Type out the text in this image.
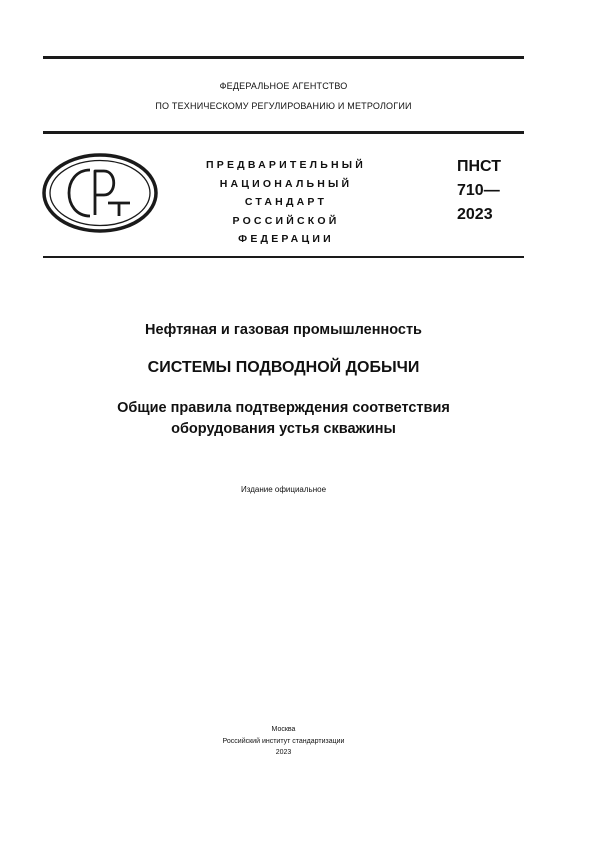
ФЕДЕРАЛЬНОЕ АГЕНТСТВО
ПО ТЕХНИЧЕСКОМУ РЕГУЛИРОВАНИЮ И МЕТРОЛОГИИ
ПРЕДВАРИТЕЛЬНЫЙ
НАЦИОНАЛЬНЫЙ
СТАНДАРТ
РОССИЙСКОЙ
ФЕДЕРАЦИИ
ПНСТ
710—
2023
Нефтяная и газовая промышленность
СИСТЕМЫ ПОДВОДНОЙ ДОБЫЧИ
Общие правила подтверждения соответствия
оборудования устья скважины
Издание официальное
Москва
Российский институт стандартизации
2023
